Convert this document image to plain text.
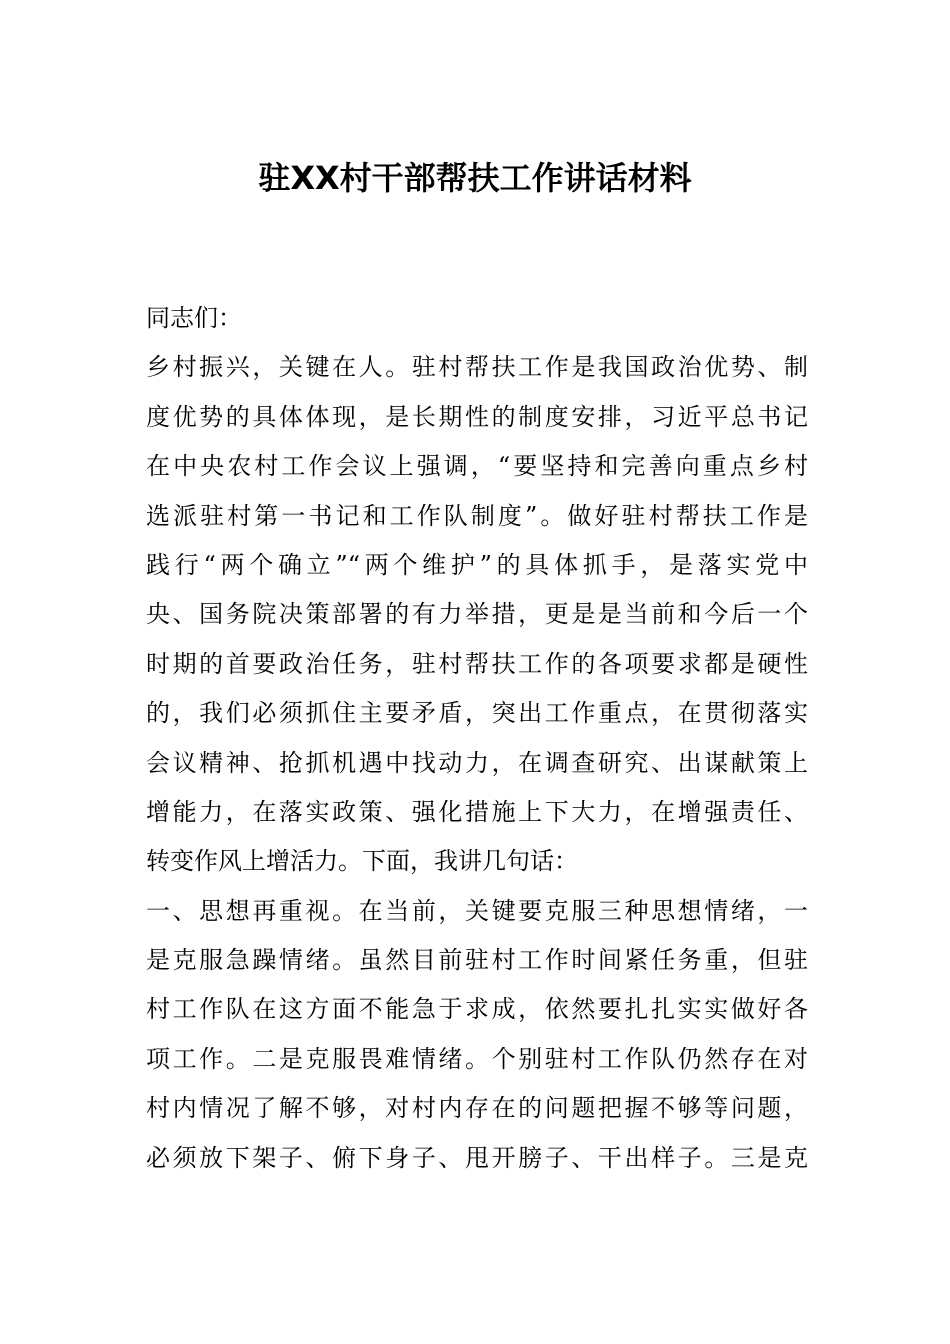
驻XX村干部帮扶工作讲话材料
同志们：
乡村振兴，关键在人。驻村帮扶工作是我国政治优势、制
度优势的具体体现，是长期性的制度安排，习近平总书记
在中央农村工作会议上强调，“要坚持和完善向重点乡村
选派驻村第一书记和工作队制度”。做好驻村帮扶工作是
践行“两个确立”“两个维护”的具体抓手，是落实党中
央、国务院决策部署的有力举措，更是是当前和今后一个
时期的首要政治任务，驻村帮扶工作的各项要求都是硬性
的，我们必须抓住主要矛盾，突出工作重点，在贯彻落实
会议精神、抢抓机遇中找动力，在调查研究、出谋献策上
增能力，在落实政策、强化措施上下大力，在增强责任、
转变作风上增活力。下面，我讲几句话：
一、思想再重视。在当前，关键要克服三种思想情绪，一
是克服急躁情绪。虽然目前驻村工作时间紧任务重，但驻
村工作队在这方面不能急于求成，依然要扎扎实实做好各
项工作。二是克服畏难情绪。个别驻村工作队仍然存在对
村内情况了解不够，对村内存在的问题把握不够等问题，
必须放下架子、俯下身子、甩开膀子、干出样子。三是克
